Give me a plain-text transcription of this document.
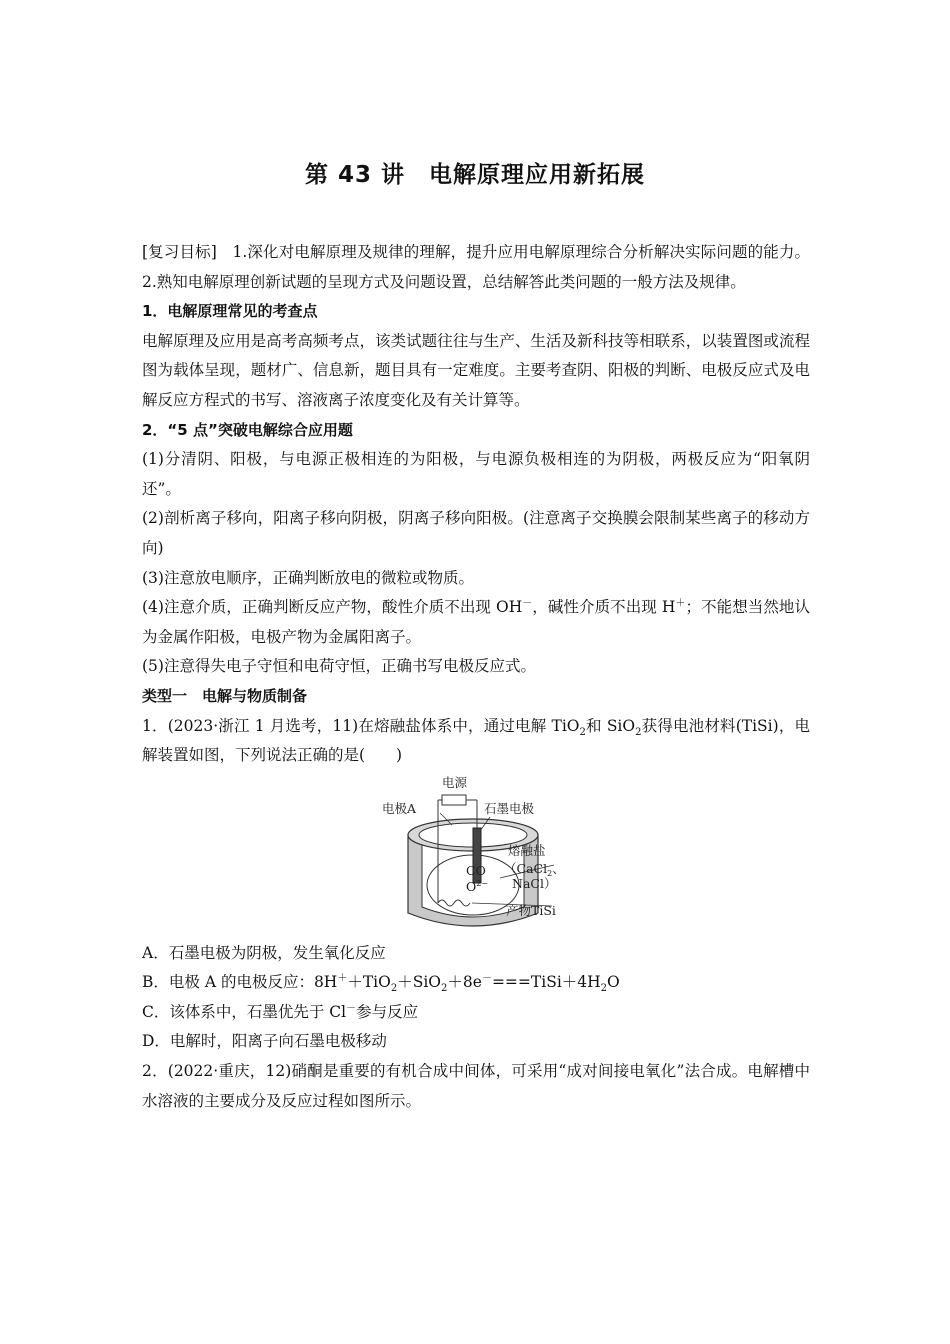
第 43 讲　电解原理应用新拓展

[复习目标]　1.深化对电解原理及规律的理解，提升应用电解原理综合分析解决实际问题的能力。2.熟知电解原理创新试题的呈现方式及问题设置，总结解答此类问题的一般方法及规律。

1．电解原理常见的考查点

电解原理及应用是高考高频考点，该类试题往往与生产、生活及新科技等相联系，以装置图或流程图为载体呈现，题材广、信息新，题目具有一定难度。主要考查阴、阳极的判断、电极反应式及电解反应方程式的书写、溶液离子浓度变化及有关计算等。

2．“5 点”突破电解综合应用题

(1)分清阴、阳极，与电源正极相连的为阳极，与电源负极相连的为阴极，两极反应为“阳氧阴还”。

(2)剖析离子移向，阳离子移向阴极，阴离子移向阳极。(注意离子交换膜会限制某些离子的移动方向)

(3)注意放电顺序，正确判断放电的微粒或物质。

(4)注意介质，正确判断反应产物，酸性介质不出现 OH－，碱性介质不出现 H＋；不能想当然地认为金属作阳极，电极产物为金属阳离子。

(5)注意得失电子守恒和电荷守恒，正确书写电极反应式。

类型一　电解与物质制备

1．(2023·浙江 1 月选考，11)在熔融盐体系中，通过电解 TiO$_2$和 SiO$_2$获得电池材料(TiSi)，电解装置如图，下列说法正确的是(　　)

电源
电极A	石墨电极
CO
$O^{2-}$
熔融盐
（CaCl$_2$、
NaCl）
产物TiSi

A．石墨电极为阴极，发生氧化反应

B．电极 A 的电极反应：$8H^++TiO_2+SiO_2+8e^-===TiSi+4H_2O$

C．该体系中，石墨优先于 Cl－参与反应

D．电解时，阳离子向石墨电极移动

2．(2022·重庆，12)硝酮是重要的有机合成中间体，可采用“成对间接电氧化”法合成。电解槽中水溶液的主要成分及反应过程如图所示。
